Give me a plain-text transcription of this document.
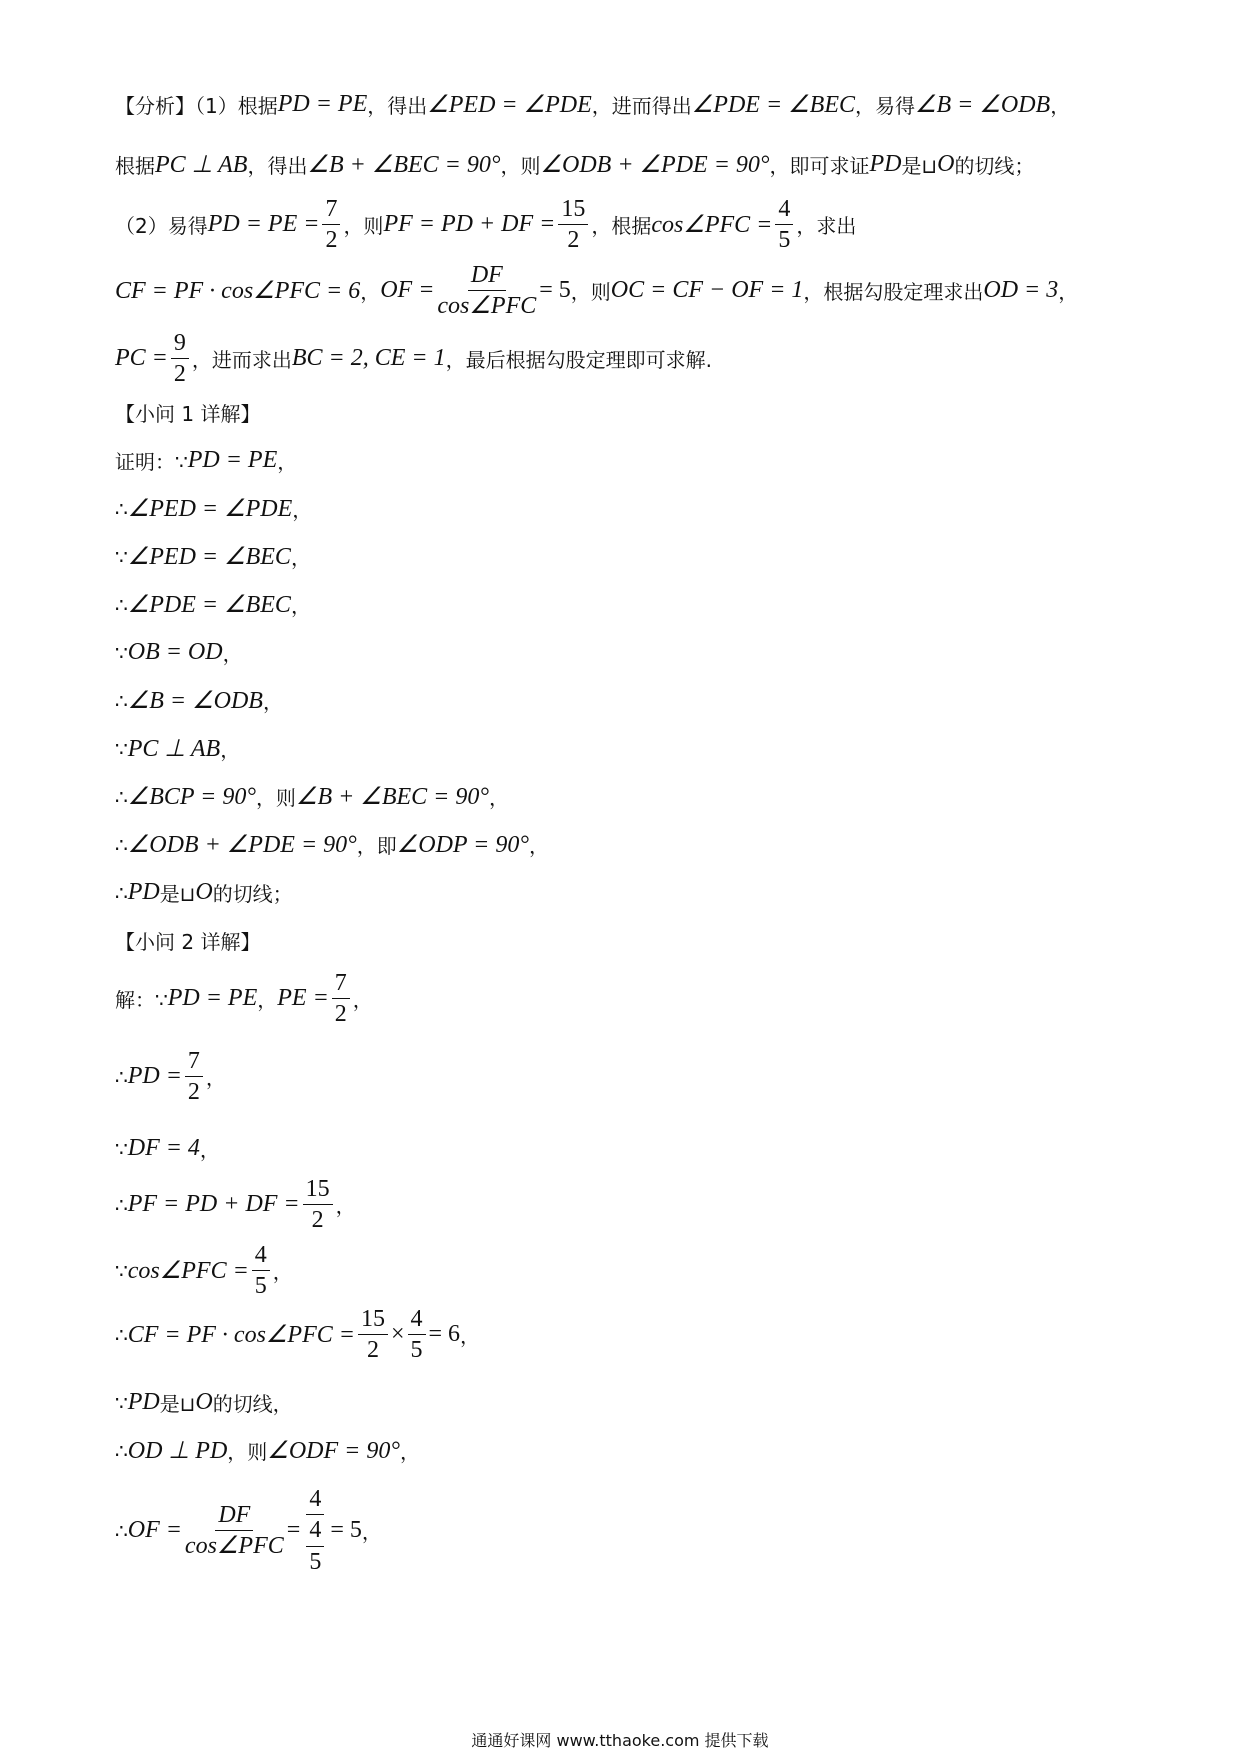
【分析】（1）根据 PD = PE ，得出 ∠PED = ∠PDE ，进而得出 ∠PDE = ∠BEC ，易得 ∠B = ∠ODB ，
根据 PC ⊥ AB ，得出 ∠B + ∠BEC = 90° ，则 ∠ODB + ∠PDE = 90° ，即可求证 PD 是⊔ O 的切线；
（2）易得 PD = PE = $\frac{7}{2}$ ，则 PF = PD + DF = $\frac{15}{2}$ ，根据 cos∠PFC = $\frac{4}{5}$ ，求出
CF = PF · cos∠PFC = 6 ， OF = $\frac{DF}{\text{cos∠PFC}} = 5$ ，则 OC = CF − OF = 1 ，根据勾股定理求出 OD = 3 ，
PC = $\frac{9}{2}$ ，进而求出 BC = 2, CE = 1 ，最后根据勾股定理即可求解.
【小问 1 详解】
证明：∵ PD = PE ，
∴ ∠PED = ∠PDE ，
∵ ∠PED = ∠BEC ，
∴ ∠PDE = ∠BEC ，
∵ OB = OD ，
∴ ∠B = ∠ODB ，
∵ PC ⊥ AB ，
∴ ∠BCP = 90° ，则 ∠B + ∠BEC = 90° ，
∴ ∠ODB + ∠PDE = 90° ，即 ∠ODP = 90° ，
∴ PD 是⊔ O 的切线；
【小问 2 详解】
解：∵ PD = PE ， PE = $\frac{7}{2}$ ，
∴ PD = $\frac{7}{2}$ ，
∵ DF = 4 ，
∴ PF = PD + DF = $\frac{15}{2}$ ，
∵ cos∠PFC = $\frac{4}{5}$ ，
∴ CF = PF · cos∠PFC = $\frac{15}{2} \times \frac{4}{5} = 6$ ，
∵ PD 是⊔ O 的切线，
∴ OD ⊥ PD ，则 ∠ODF = 90° ，
∴ OF = $\frac{DF}{\text{cos∠PFC}} = \frac{4}{\frac{4}{5}} = 5$ ，
通通好课网 www.tthaoke.com 提供下载
